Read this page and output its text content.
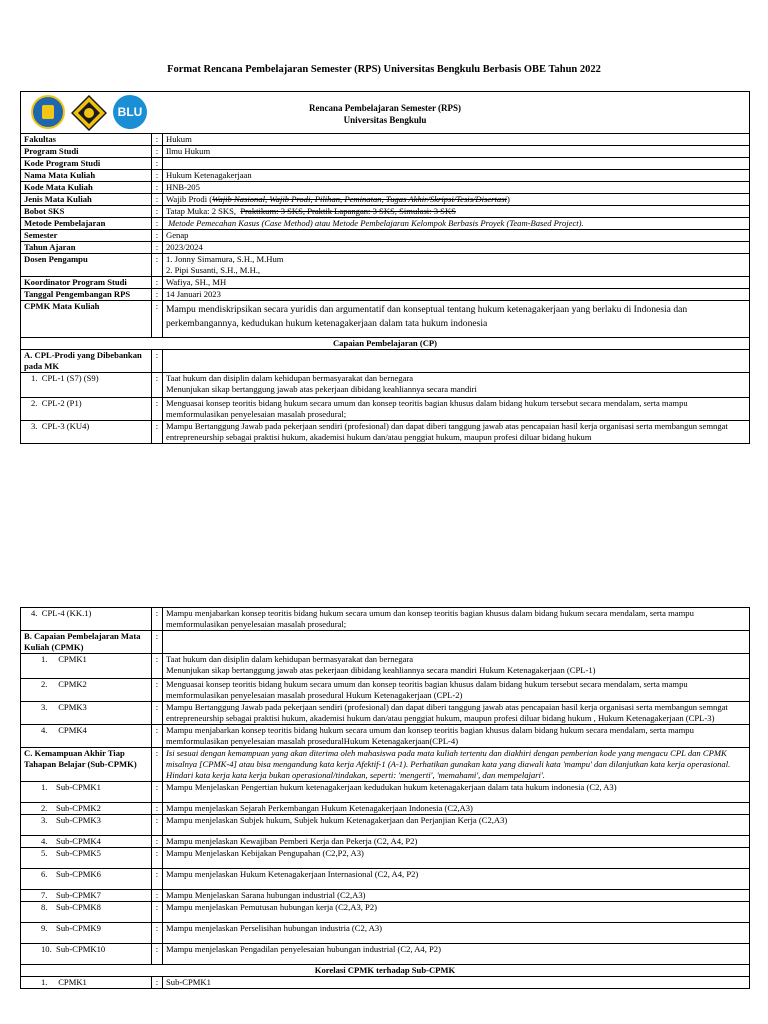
Format Rencana Pembelajaran Semester (RPS) Universitas Bengkulu Berbasis OBE Tahun 2022
BLU Rencana Pembelajaran Semester (RPS)
Universitas Bengkulu		

Fakultas	:	Hukum
Program Studi	:	Ilmu Hukum
Kode Program Studi	:	
Nama Mata Kuliah	:	Hukum Ketenagakerjaan
Kode Mata Kuliah	:	HNB-205
Jenis Mata Kuliah	:	Wajib Prodi (Wajib Nasional, Wajib Prodi, Pilihan, Peminatan, Tugas Akhir/Skripsi/Tesis/Disertasi)
Bobot SKS	:	Tatap Muka: 2 SKS,  Praktikum: 3 SKS, Praktik Lapangan: 3 SKS, Simulasi: 3 SKS
Metode Pembelajaran	:	Metode Pemecahan Kasus (Case Method) atau Metode Pembelajaran Kelompok Berbasis Proyek (Team-Based Project).
Semester	:	Genap
Tahun Ajaran	:	2023/2024
Dosen Pengampu	:	1. Jonny Simamura, S.H., M.Hum
2. Pipi Susanti, S.H., M.H.,

Koordinator Program Studi	:	Wafiya, SH., MH
Tanggal Pengembangan RPS	:	14 Januari 2023
CPMK Mata Kuliah	:	Mampu mendiskripsikan secara yuridis dan argumentatif dan konseptual tentang hukum ketenagakerjaan yang berlaku di Indonesia dan perkembangannya, kedudukan hukum ketenagakerjaan dalam tata hukum indonesia
Capaian Pembelajaran (CP)		
A. CPL-Prodi yang Dibebankan pada MK	:	
1.  CPL-1 (S7) (S9)	:	Taat hukum dan disiplin dalam kehidupan bermasyarakat dan bernegara
Menunjukan sikap bertanggung jawab atas pekerjaan dibidang keahliannya secara mandiri

2.  CPL-2 (P1)	:	Menguasai konsep teoritis bidang hukum secara umum dan konsep teoritis bagian khusus dalam bidang hukum tersebut secara mendalam, serta mampu memformulasikan penyelesaian masalah prosedural;
3.  CPL-3 (KU4)	:	Mampu Bertanggung Jawab pada pekerjaan sendiri (profesional) dan dapat diberi tanggung jawab atas pencapaian hasil kerja organisasi serta membangun semngat entrepreneurship sebagai praktisi hukum, akademisi hukum dan/atau penggiat hukum, maupun profesi diluar bidang hukum
4.  CPL-4 (KK.1)	:	Mampu menjabarkan konsep teoritis bidang hukum secara umum dan konsep teoritis bagian khusus dalam bidang hukum secara mendalam, serta mampu memformulasikan penyelesaian masalah prosedural;
B. Capaian Pembelajaran Mata Kuliah (CPMK)	:	
1.     CPMK1	:	Taat hukum dan disiplin dalam kehidupan bermasyarakat dan bernegara
Menunjukan sikap bertanggung jawab atas pekerjaan dibidang keahliannya secara mandiri Hukum Ketenagakerjaan (CPL-1)

2.     CPMK2	:	Menguasai konsep teoritis bidang hukum secara umum dan konsep teoritis bagian khusus dalam bidang hukum tersebut secara mendalam, serta mampu memformulasikan penyelesaian masalah prosedural Hukum Ketenagakerjaan (CPL-2)
3.     CPMK3	:	Mampu Bertanggung Jawab pada pekerjaan sendiri (profesional) dan dapat diberi tanggung jawab atas pencapaian hasil kerja organisasi serta membangun semngat entrepreneurship sebagai praktisi hukum, akademisi hukum dan/atau penggiat hukum, maupun profesi diluar bidang hukum , Hukum Ketenagakerjaan (CPL-3)
4.     CPMK4	:	Mampu menjabarkan konsep teoritis bidang hukum secara umum dan konsep teoritis bagian khusus dalam bidang hukum secara mendalam, serta mampu memformulasikan penyelesaian masalah proseduralHukum Ketenagakerjaan(CPL-4)
C. Kemampuan Akhir Tiap Tahapan Belajar (Sub-CPMK)	:	Isi sesuai dengan kemampuan yang akan diterima oleh mahasiswa pada mata kuliah tertentu dan diakhiri dengan pemberian kode yang mengacu CPL dan CPMK misalnya [CPMK-4] atau bisa mengandung kata kerja Afektif-1 (A-1). Perhatikan gunakan kata yang diawali kata 'mampu' dan dilanjutkan kata kerja operasional. Hindari kata kerja kata kerja bukan operasional/tindakan, seperti: 'mengerti', 'memahami', dan mempelajari'.
1.    Sub-CPMK1	:	Mampu Menjelaskan Pengertian hukum ketenagakerjaan kedudukan hukum ketenagakerjaan dalam tata hukum indonesia (C2, A3)
2.    Sub-CPMK2	:	Mampu menjelaskan Sejarah Perkembangan Hukum Ketenagakerjaan Indonesia (C2,A3)
3.    Sub-CPMK3	:	Mampu menjelaskan Subjek hukum, Subjek hukum Ketenagakerjaan dan Perjanjian Kerja (C2,A3)
4.    Sub-CPMK4	:	Mampu menjelaskan Kewajiban Pemberi Kerja dan Pekerja (C2, A4, P2)
5.    Sub-CPMK5	:	Mampu Menjelaskan Kebijakan Pengupahan (C2,P2, A3)
6.    Sub-CPMK6	:	Mampu menjelaskan Hukum Ketenagakerjaan Internasional (C2, A4, P2)
7.    Sub-CPMK7	:	Mampu Menjelaskan Sarana hubungan industrial (C2,A3)
8.    Sub-CPMK8	:	Mampu menjelaskan Pemutusan hubungan kerja (C2,A3, P2)
9.    Sub-CPMK9	:	Mampu menjelaskan Perselisihan hubungan industria (C2, A3)
10.  Sub-CPMK10	:	Mampu menjelaskan Pengadilan penyelesaian hubungan industrial (C2, A4, P2)
Korelasi CPMK terhadap Sub-CPMK		
1.     CPMK1	:	Sub-CPMK1
